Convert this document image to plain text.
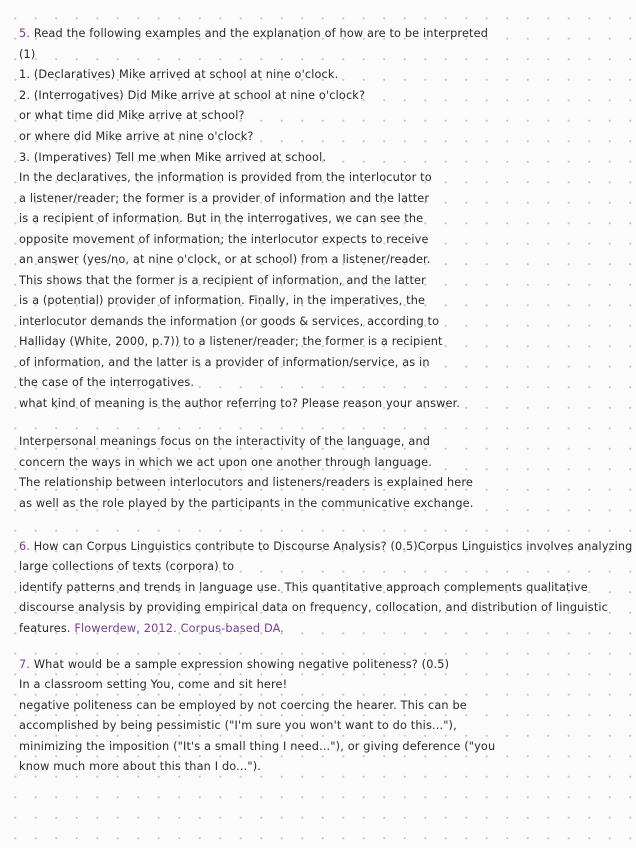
5. Read the following examples and the explanation of how are to be interpreted
(1)
1. (Declaratives) Mike arrived at school at nine o'clock.
2. (Interrogatives) Did Mike arrive at school at nine o'clock?
or what time did Mike arrive at school?
or where did Mike arrive at nine o'clock?
3. (Imperatives) Tell me when Mike arrived at school.
In the declaratives, the information is provided from the interlocutor to
a listener/reader; the former is a provider of information and the latter
is a recipient of information. But in the interrogatives, we can see the
opposite movement of information; the interlocutor expects to receive
an answer (yes/no, at nine o'clock, or at school) from a listener/reader.
This shows that the former is a recipient of information, and the latter
is a (potential) provider of information. Finally, in the imperatives, the
interlocutor demands the information (or goods & services, according to
Halliday (White, 2000, p.7)) to a listener/reader; the former is a recipient
of information, and the latter is a provider of information/service, as in
the case of the interrogatives.
what kind of meaning is the author referring to? Please reason your answer.
Interpersonal meanings focus on the interactivity of the language, and
concern the ways in which we act upon one another through language.
The relationship between interlocutors and listeners/readers is explained here
as well as the role played by the participants in the communicative exchange.
6. How can Corpus Linguistics contribute to Discourse Analysis? (0.5)Corpus Linguistics involves analyzing
large collections of texts (corpora) to
identify patterns and trends in language use. This quantitative approach complements qualitative
discourse analysis by providing empirical data on frequency, collocation, and distribution of linguistic
features. Flowerdew, 2012. Corpus-based DA.
7. What would be a sample expression showing negative politeness? (0.5)
In a classroom setting You, come and sit here!
negative politeness can be employed by not coercing the hearer. This can be
accomplished by being pessimistic ("I'm sure you won't want to do this..."),
minimizing the imposition ("It's a small thing I need..."), or giving deference ("you
know much more about this than I do...").
